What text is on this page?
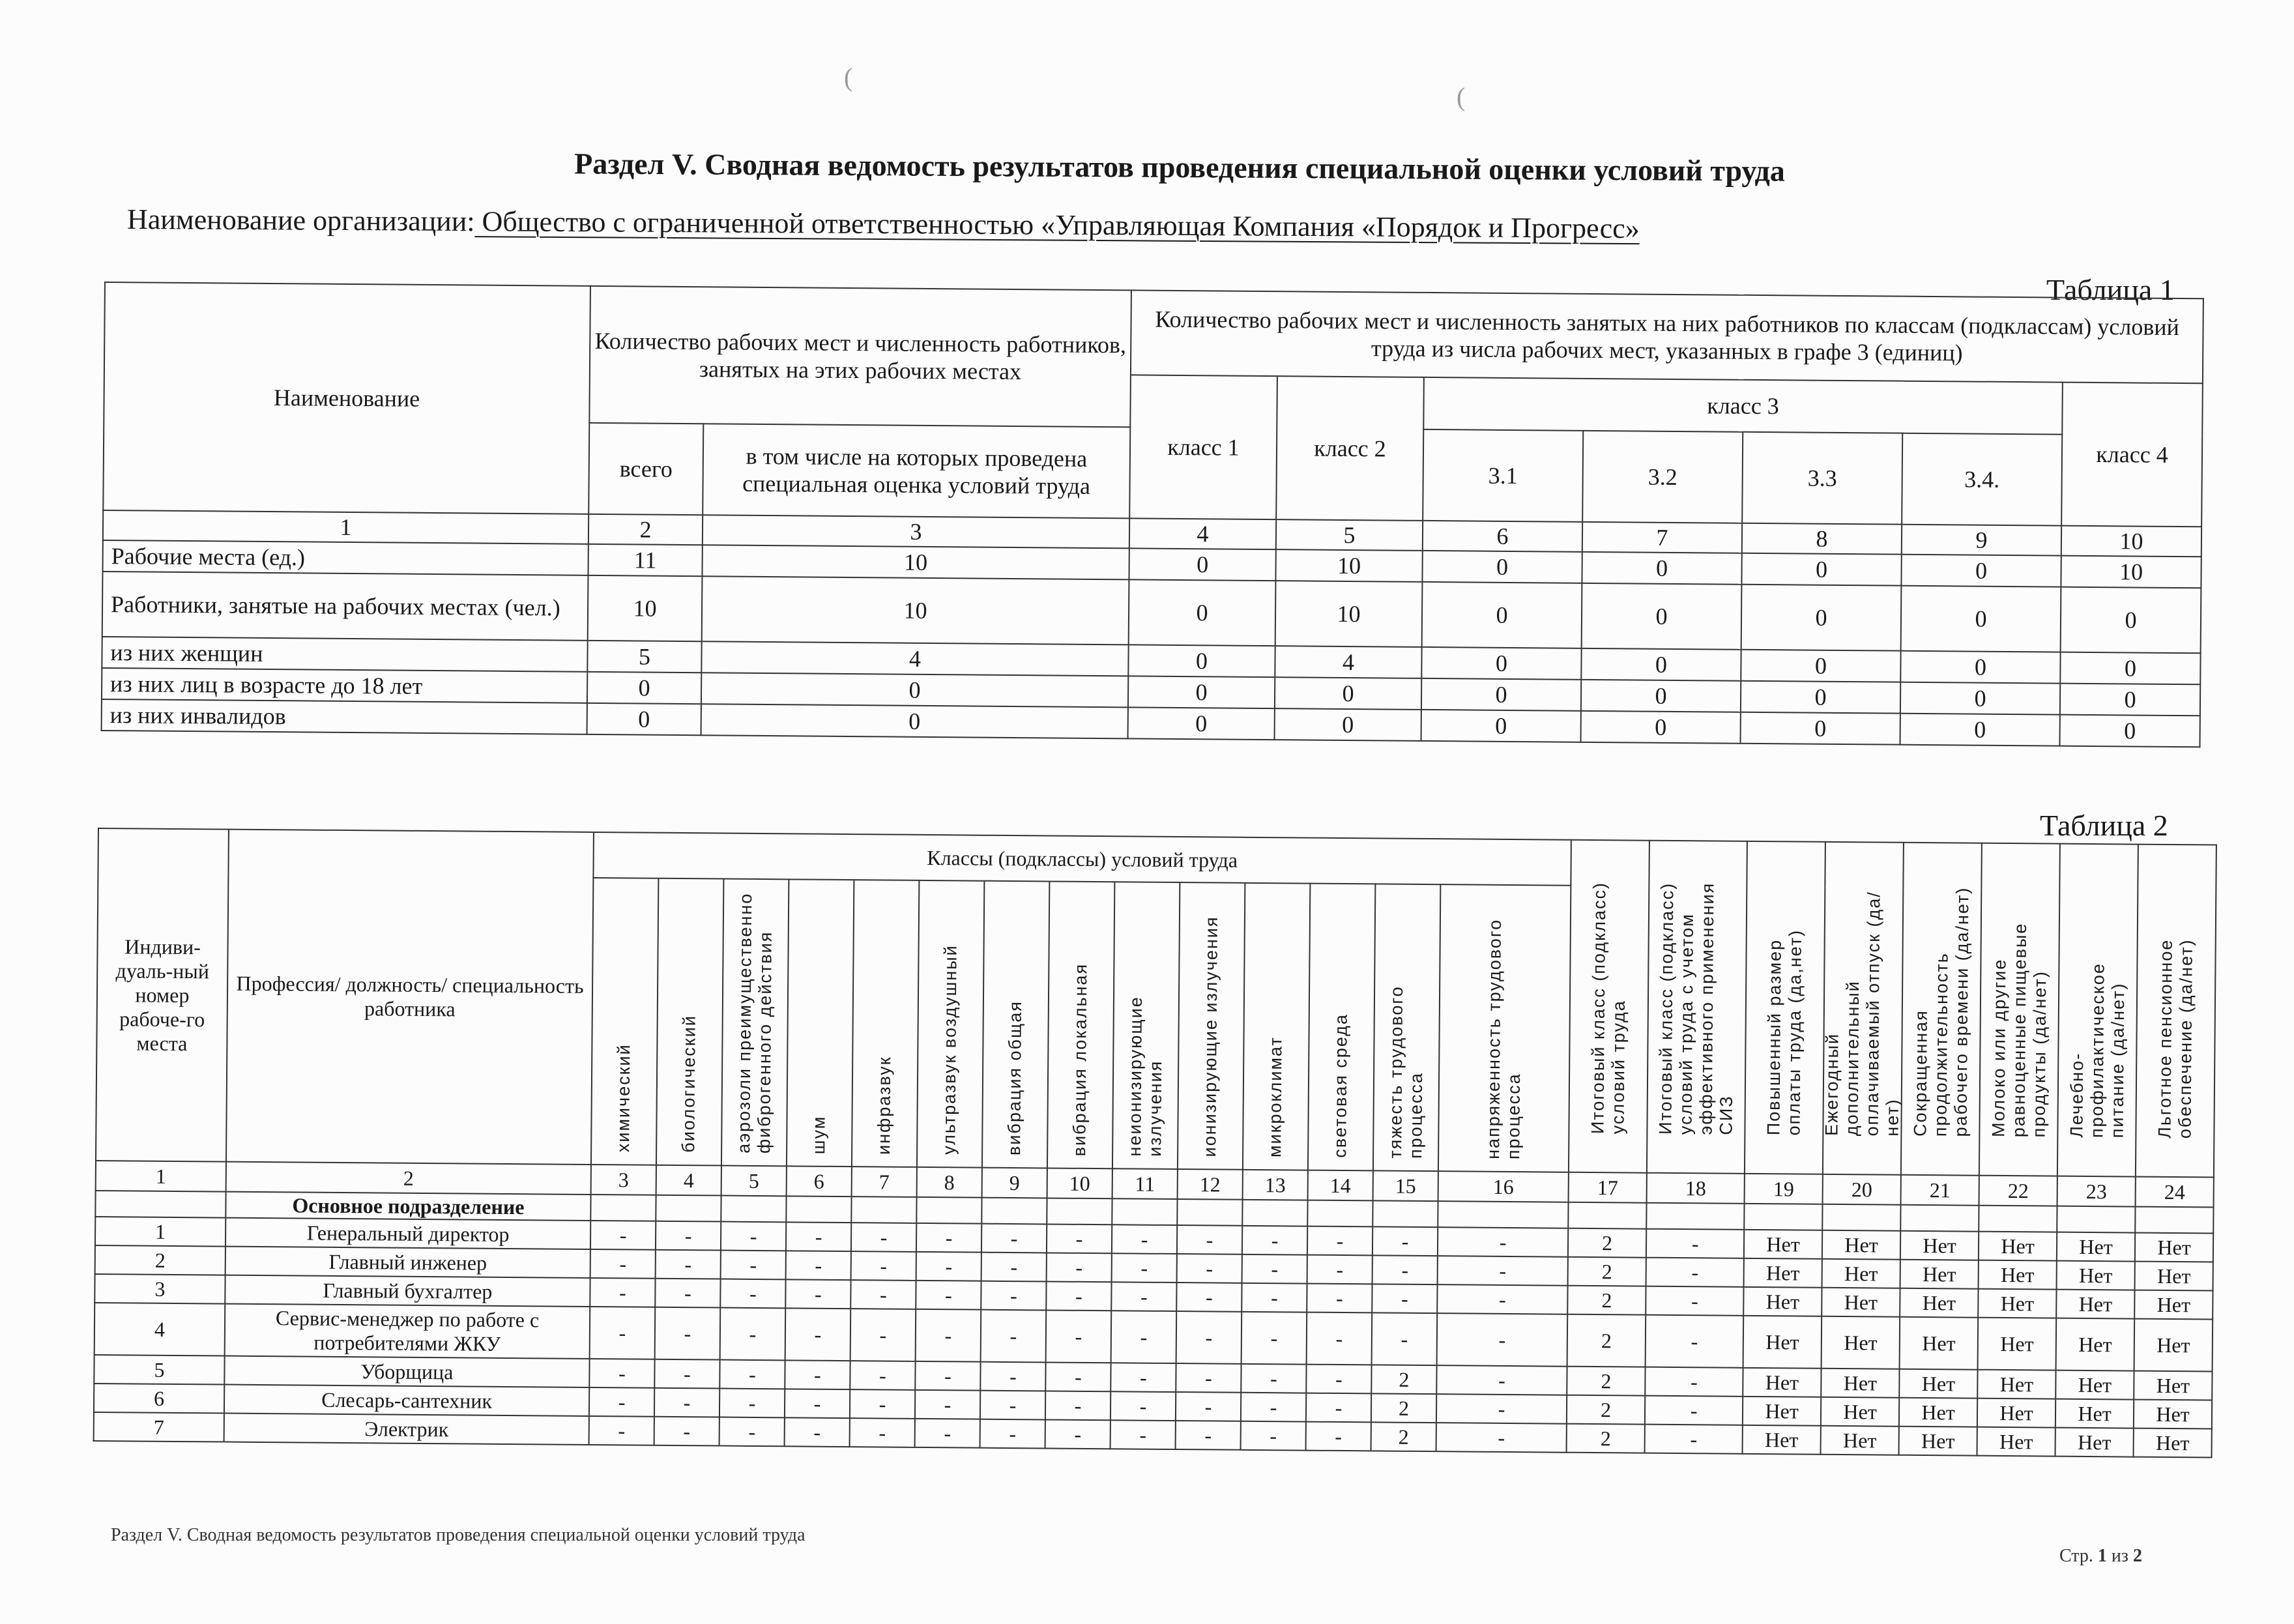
(
(
Раздел V. Сводная ведомость результатов проведения специальной оценки условий труда
Наименование организации: Общество с ограниченной ответственностью «Управляющая Компания «Порядок и Прогресс»
Таблица 1
Наименование	Количество рабочих мест и численность работников, занятых на этих рабочих местах		Количество рабочих мест и численность занятых на них работников по классам (подклассам) условий труда из числа рабочих мест, указанных в графе 3 (единиц)						
			класс 1	класс 2	класс 3				класс 4
	всего	в том числе на которых проведена специальная оценка условий труда			3.1	3.2	3.3	3.4.	
1	2	3	4	5	6	7	8	9	10
Рабочие места (ед.)	11	10	0	10	0	0	0	0	10
Работники, занятые на рабочих местах (чел.)	10	10	0	10	0	0	0	0	0
из них женщин	5	4	0	4	0	0	0	0	0
из них лиц в возрасте до 18 лет	0	0	0	0	0	0	0	0	0
из них инвалидов	0	0	0	0	0	0	0	0	0
Таблица 2
Индиви-дуаль-ный номер рабоче-го места	Профессия/ должность/ специальность работника	Классы (подклассы) условий труда														Итоговый класс (подкласс) условий труда	Итоговый класс (подкласс) условий труда с учетом эффективного применения СИЗ	Повышенный размер оплаты труда (да,нет)	Ежегодный дополнительный оплачиваемый отпуск (да/нет)	Сокращенная продолжительность рабочего времени (да/нет)	Молоко или другие равноценные пищевые продукты (да/нет)	Лечебно-профилактическое питание (да/нет)	Льготное пенсионное обеспечение (да/нет)

		химический	биологический	аэрозоли преимущественно фиброгенного действия	шум	инфразвук	ультразвук воздушный	вибрация общая	вибрация локальная	неионизирующие излучения	ионизирующие излучения	микроклимат	световая среда	тяжесть трудового процесса	напряженность трудового процесса								

1	2	3	4	5	6	7	8	9	10	11	12	13	14	15	16	17	18	19	20	21	22	23	24
	Основное подразделение																						
1	Генеральный директор	-	-	-	-	-	-	-	-	-	-	-	-	-	-	2	-	Нет	Нет	Нет	Нет	Нет	Нет
2	Главный инженер	-	-	-	-	-	-	-	-	-	-	-	-	-	-	2	-	Нет	Нет	Нет	Нет	Нет	Нет
3	Главный бухгалтер	-	-	-	-	-	-	-	-	-	-	-	-	-	-	2	-	Нет	Нет	Нет	Нет	Нет	Нет
4	Сервис-менеджер по работе с потребителями ЖКУ	-	-	-	-	-	-	-	-	-	-	-	-	-	-	2	-	Нет	Нет	Нет	Нет	Нет	Нет
5	Уборщица	-	-	-	-	-	-	-	-	-	-	-	-	2	-	2	-	Нет	Нет	Нет	Нет	Нет	Нет
6	Слесарь-сантехник	-	-	-	-	-	-	-	-	-	-	-	-	2	-	2	-	Нет	Нет	Нет	Нет	Нет	Нет
7	Электрик	-	-	-	-	-	-	-	-	-	-	-	-	2	-	2	-	Нет	Нет	Нет	Нет	Нет	Нет
Раздел V. Сводная ведомость результатов проведения специальной оценки условий труда
Стр. 1 из 2
